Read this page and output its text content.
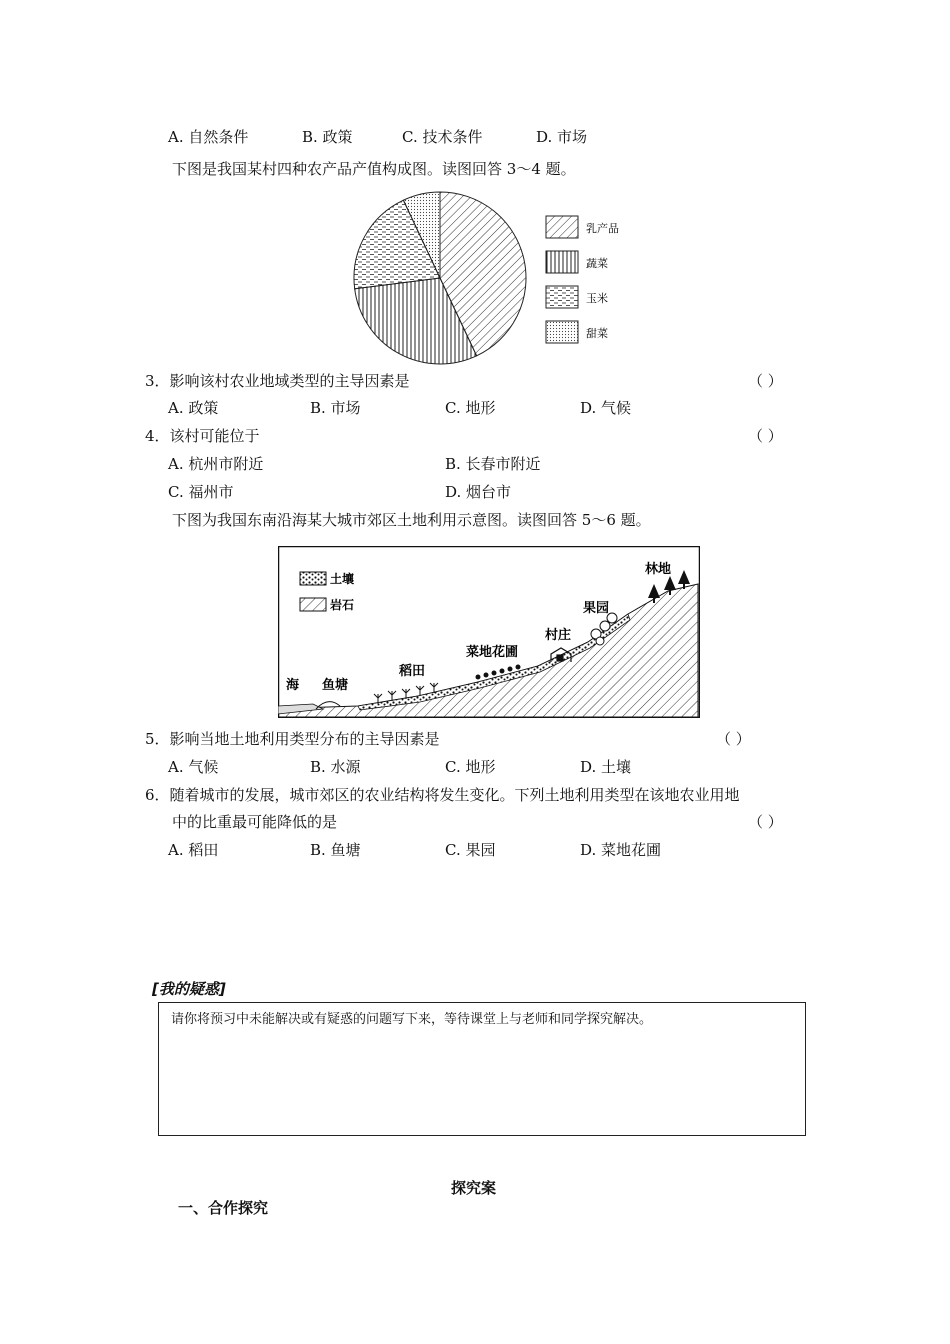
A. 自然条件	B. 政策	C. 技术条件	D. 市场
下图是我国某村四种农产品产值构成图。读图回答 3～4 题。
乳产品
蔬菜
玉米
甜菜
3．影响该村农业地域类型的主导因素是	（ ）
A. 政策	B. 市场	C. 地形	D. 气候
4．该村可能位于	（ ）
A. 杭州市附近	B. 长春市附近
C. 福州市	D. 烟台市
下图为我国东南沿海某大城市郊区土地利用示意图。读图回答 5～6 题。
土壤
岩石
海 鱼塘
稻田
菜地花圃
村庄
果园
林地
5．影响当地土地利用类型分布的主导因素是	（ ）
A. 气候	B. 水源	C. 地形	D. 土壤
6．随着城市的发展，城市郊区的农业结构将发生变化。下列土地利用类型在该地农业用地
中的比重最可能降低的是	（ ）
A. 稻田	B. 鱼塘	C. 果园	D. 菜地花圃
[我的疑惑]
请你将预习中未能解决或有疑惑的问题写下来，等待课堂上与老师和同学探究解决。
探究案
一、合作探究
